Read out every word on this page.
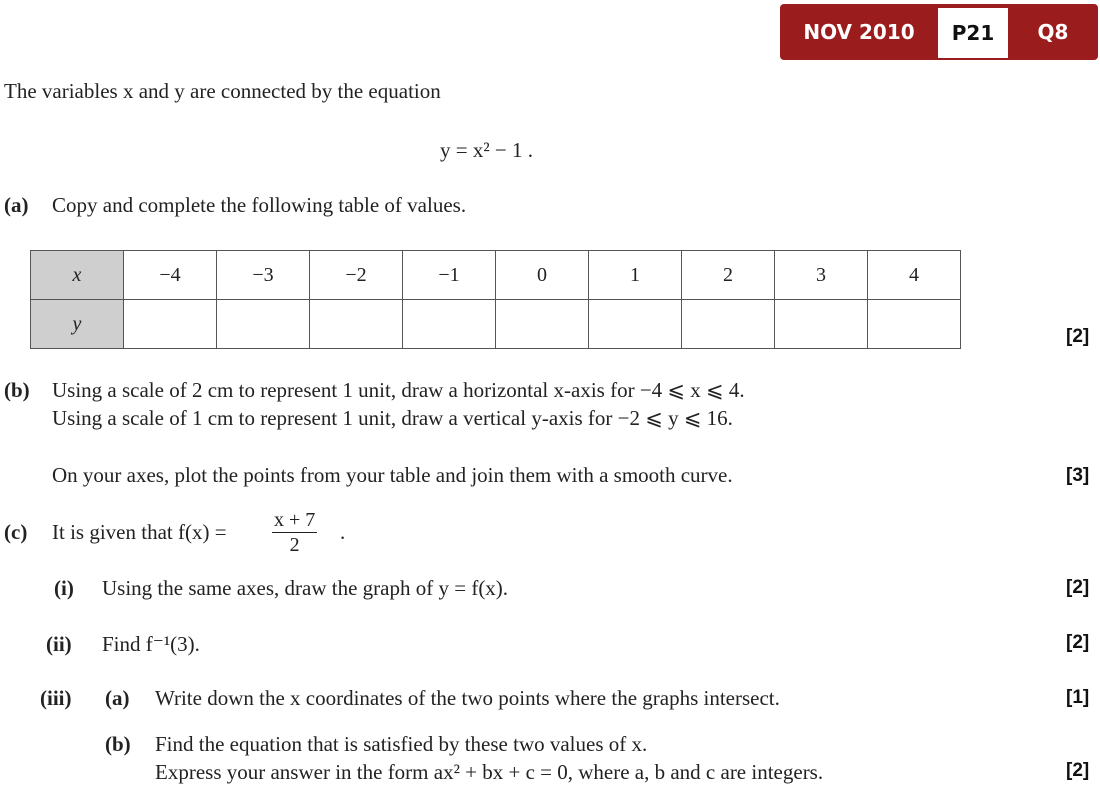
NOV 2010	P21	Q8
The variables x and y are connected by the equation
y = x² − 1 .
(a) Copy and complete the following table of values.
x	−4	−3	−2	−1	0	1	2	3	4
y									
[2]
(b) Using a scale of 2 cm to represent 1 unit, draw a horizontal x-axis for −4 ⩽ x ⩽ 4.
Using a scale of 1 cm to represent 1 unit, draw a vertical y-axis for −2 ⩽ y ⩽ 16.
On your axes, plot the points from your table and join them with a smooth curve.	[3]
(c) It is given that $f(x) = \frac{x + 7}{2}$ .
(i) Using the same axes, draw the graph of y = f(x).	[2]
(ii) Find f⁻¹(3).	[2]
(iii) (a) Write down the x coordinates of the two points where the graphs intersect.	[1]
(b) Find the equation that is satisfied by these two values of x.
Express your answer in the form ax² + bx + c = 0, where a, b and c are integers.	[2]
